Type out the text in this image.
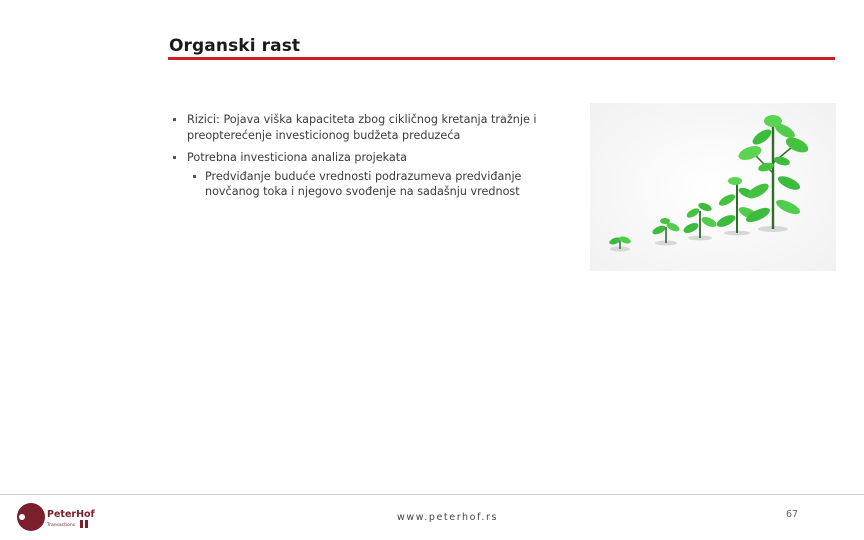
Organski rast
Rizici: Pojava viška kapaciteta zbog cikličnog kretanja tražnje i preopterećenje investicionog budžeta preduzeća
Potrebna investiciona analiza projekata
Predviđanje buduće vrednosti podrazumeva predviđanje novčanog toka i njegovo svođenje na sadašnju vrednost
PeterHof
Transactions
www.peterhof.rs	67
